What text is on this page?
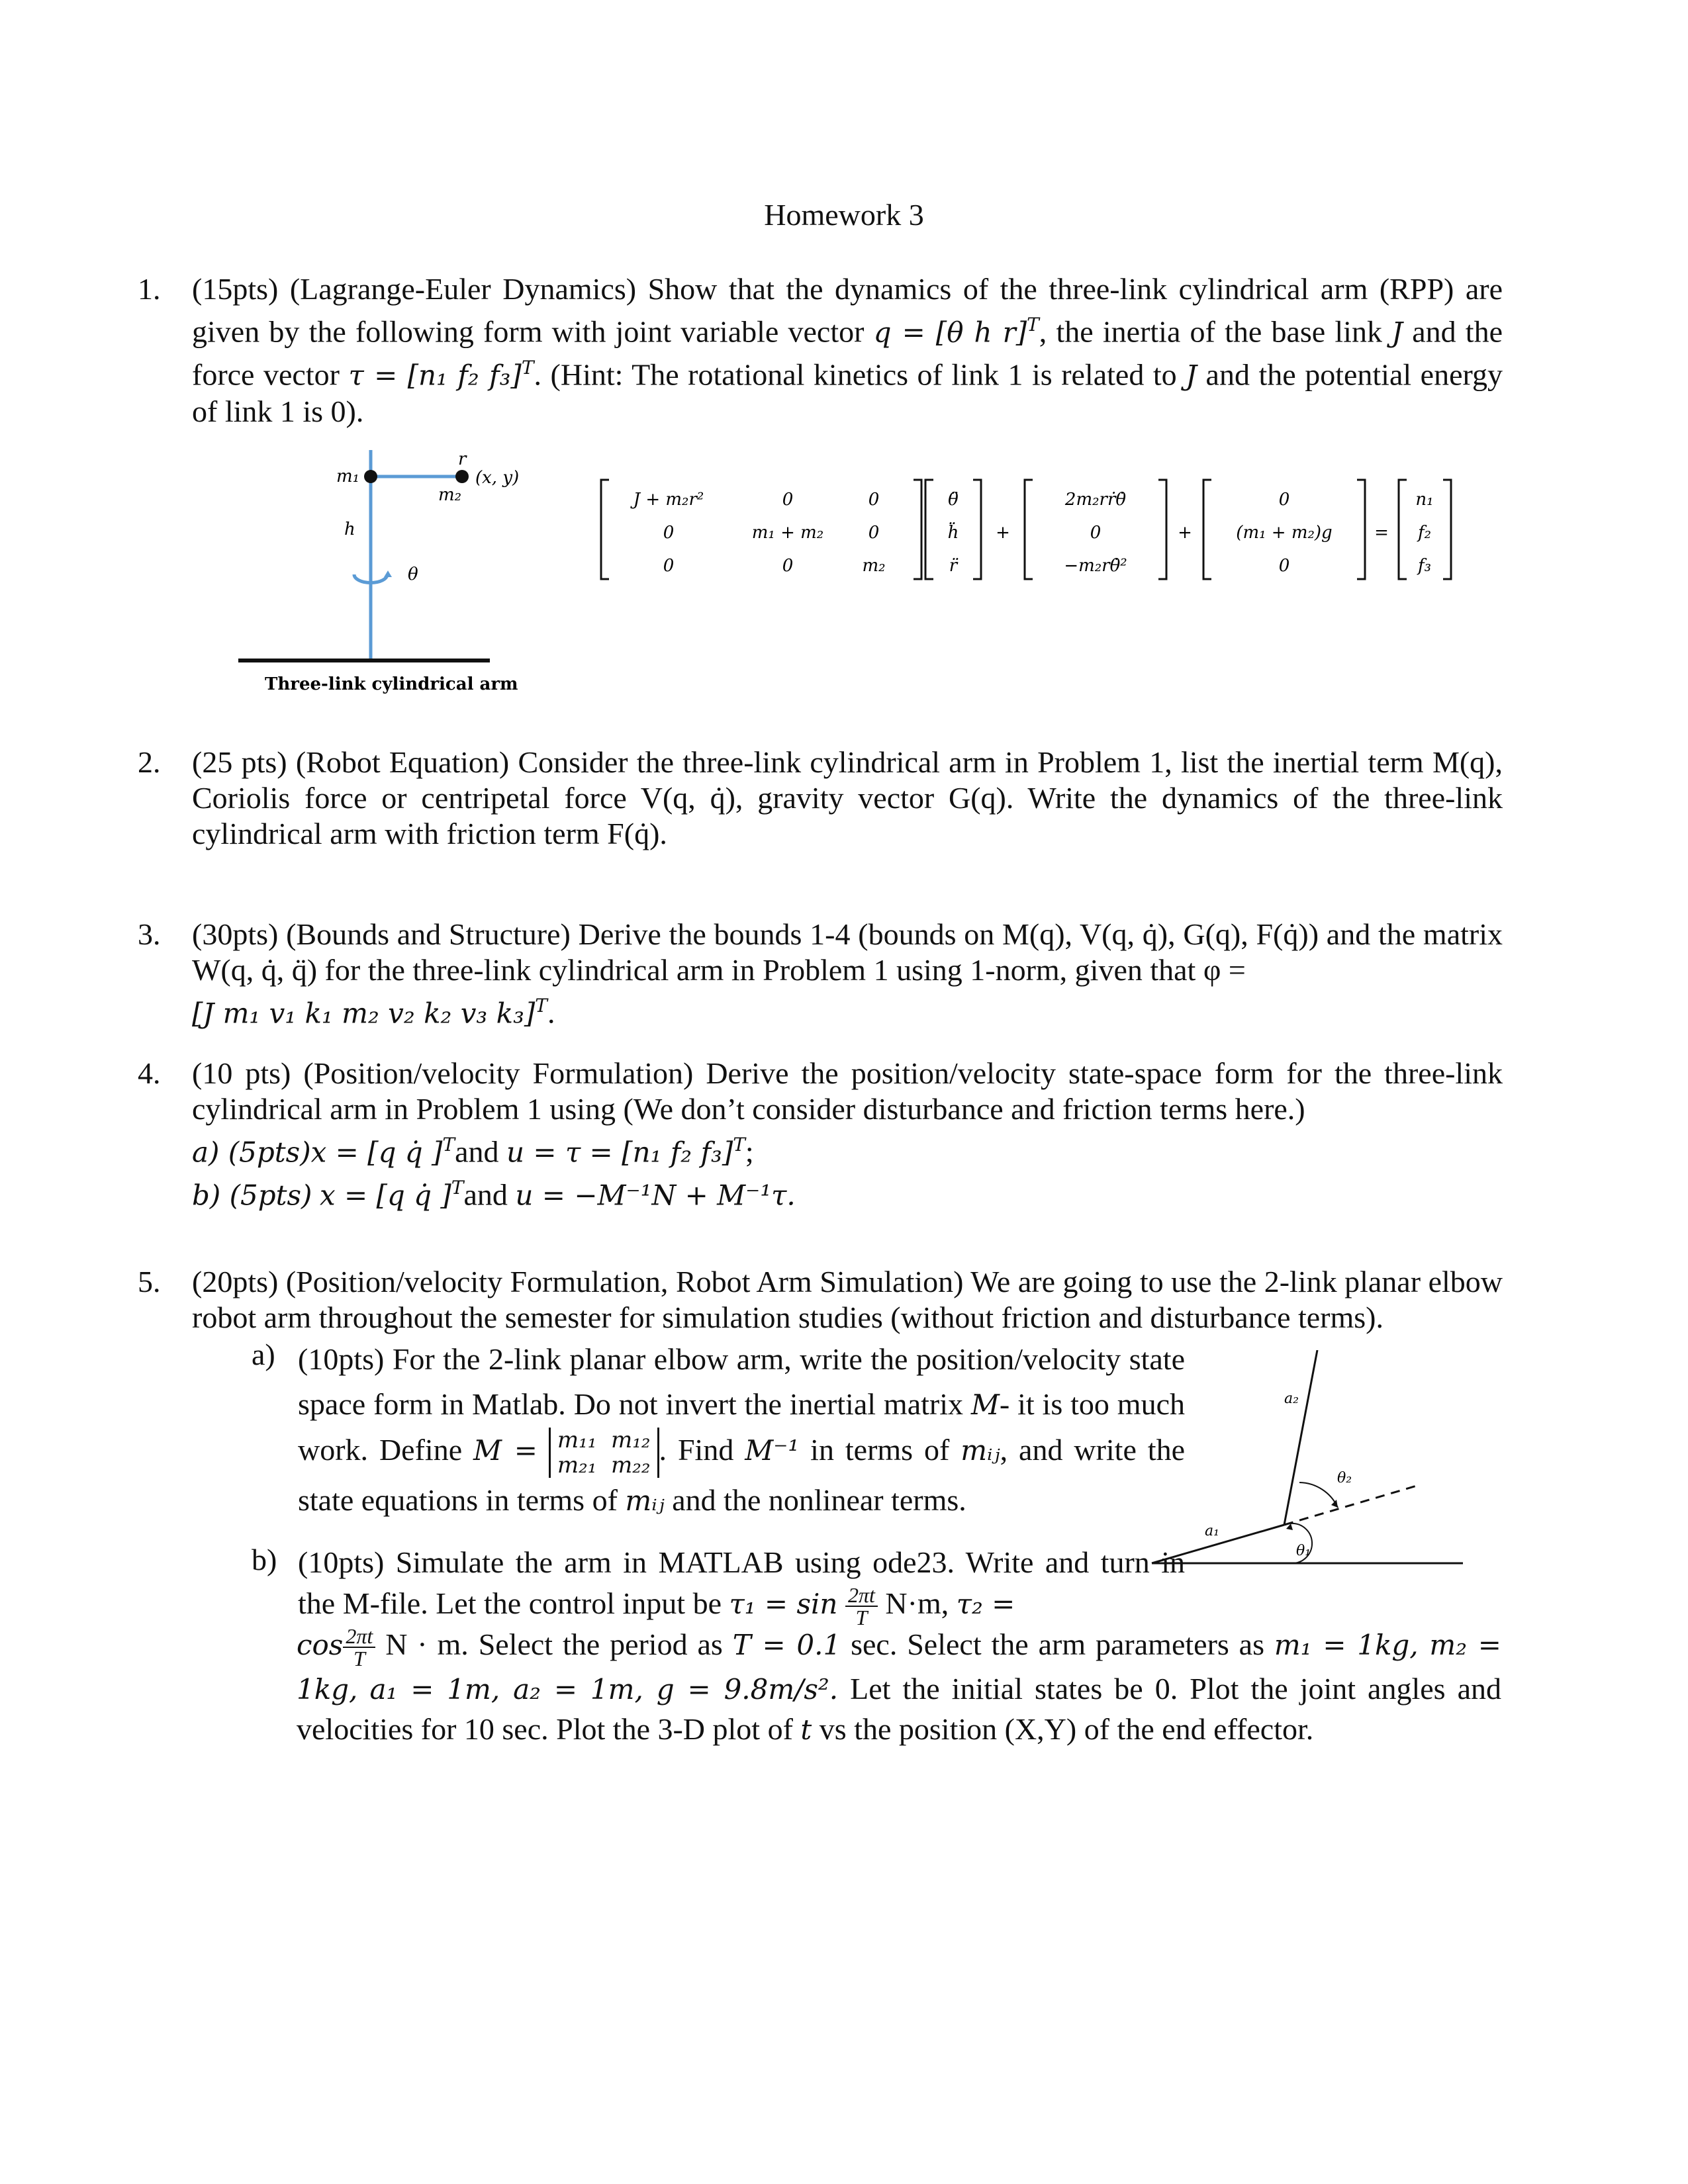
Homework 3
1. (15pts) (Lagrange-Euler Dynamics) Show that the dynamics of the three-link cylindrical arm (RPP) are given by the following form with joint variable vector q = [θ h r]$^T$, the inertia of the base link J and the force vector τ = [n₁ f₂ f₃]$^T$. (Hint: The rotational kinetics of link 1 is related to J and the potential energy of link 1 is 0).
m₁
m₂
r
(x, y)
h
θ
Three-link cylindrical arm
J + m₂r²	0	0
0	m₁ + m₂	0
0	0	m₂
θ̈
ḧ
r̈
+
2m₂rṙθ̇
0
−m₂rθ̇²
+
0
(m₁ + m₂)g
0
=
n₁
f₂
f₃
2. (25 pts) (Robot Equation) Consider the three-link cylindrical arm in Problem 1, list the inertial term M(q), Coriolis force or centripetal force V(q, q̇), gravity vector G(q). Write the dynamics of the three-link cylindrical arm with friction term F(q̇).
3. (30pts) (Bounds and Structure) Derive the bounds 1-4 (bounds on M(q), V(q, q̇), G(q), F(q̇)) and the matrix W(q, q̇, q̈) for the three-link cylindrical arm in Problem 1 using 1-norm, given that φ =
[J m₁ v₁ k₁ m₂ v₂ k₂ v₃ k₃]$^T$.
4. (10 pts) (Position/velocity Formulation) Derive the position/velocity state-space form for the three-link cylindrical arm in Problem 1 using (We don’t consider disturbance and friction terms here.)
a) (5pts)x = [q q̇ ]$^T$and u = τ = [n₁ f₂ f₃]$^T$;
b) (5pts) x = [q q̇ ]$^T$and u = −M⁻¹N + M⁻¹τ.
5. (20pts) (Position/velocity Formulation, Robot Arm Simulation) We are going to use the 2-link planar elbow robot arm throughout the semester for simulation studies (without friction and disturbance terms).
a) (10pts) For the 2-link planar elbow arm, write the position/velocity state space form in Matlab. Do not invert the inertial matrix M- it is too much work. Define M = m₁₁ m₁₂
m₂₁ m₂₂ . Find M⁻¹ in terms of mᵢⱼ, and write the state equations in terms of mᵢⱼ and the nonlinear terms.
a₁
a₂
θ₁
θ₂
b) (10pts) Simulate the arm in MATLAB using ode23. Write and turn in the M-file. Let the control input be $\tau_1 = \sin \frac{2\pi t}{T} N\cdot m$, τ₂ =
$\cos \frac{2\pi t}{T}$ N · m. Select the period as T = 0.1 sec. Select the arm parameters as m₁ = 1kg, m₂ = 1kg, a₁ = 1m, a₂ = 1m, g = 9.8m/s². Let the initial states be 0. Plot the joint angles and velocities for 10 sec. Plot the 3-D plot of t vs the position (X,Y) of the end effector.
